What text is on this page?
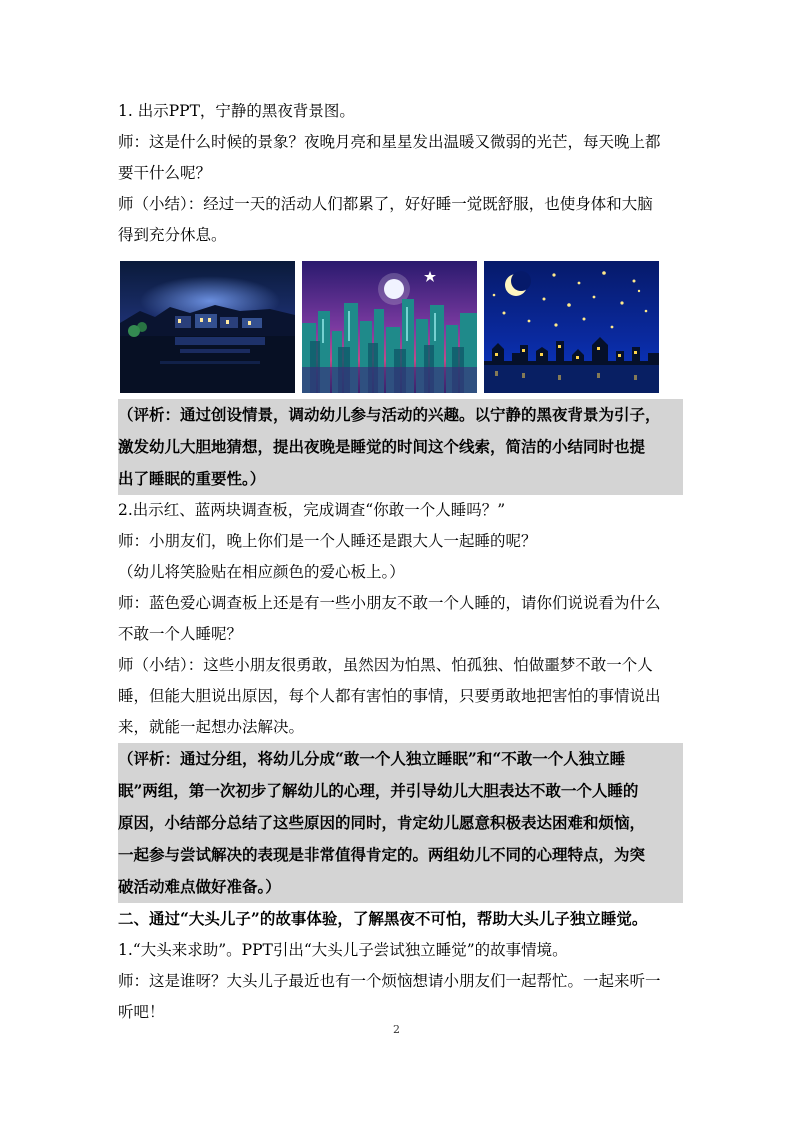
1. 出示PPT，宁静的黑夜背景图。
师：这是什么时候的景象？夜晚月亮和星星发出温暖又微弱的光芒，每天晚上都
要干什么呢？
师（小结）：经过一天的活动人们都累了，好好睡一觉既舒服，也使身体和大脑
得到充分休息。
（评析：通过创设情景，调动幼儿参与活动的兴趣。以宁静的黑夜背景为引子，
激发幼儿大胆地猜想，提出夜晚是睡觉的时间这个线索，简洁的小结同时也提
出了睡眠的重要性。）
2.出示红、蓝两块调查板，完成调查“你敢一个人睡吗？”
师：小朋友们，晚上你们是一个人睡还是跟大人一起睡的呢？
（幼儿将笑脸贴在相应颜色的爱心板上。）
师：蓝色爱心调查板上还是有一些小朋友不敢一个人睡的，请你们说说看为什么
不敢一个人睡呢？
师（小结）：这些小朋友很勇敢，虽然因为怕黑、怕孤独、怕做噩梦不敢一个人
睡，但能大胆说出原因，每个人都有害怕的事情，只要勇敢地把害怕的事情说出
来，就能一起想办法解决。
（评析：通过分组，将幼儿分成“敢一个人独立睡眠”和“不敢一个人独立睡
眠”两组，第一次初步了解幼儿的心理，并引导幼儿大胆表达不敢一个人睡的
原因，小结部分总结了这些原因的同时，肯定幼儿愿意积极表达困难和烦恼，
一起参与尝试解决的表现是非常值得肯定的。两组幼儿不同的心理特点，为突
破活动难点做好准备。）
二、通过“大头儿子”的故事体验，了解黑夜不可怕，帮助大头儿子独立睡觉。
1.“大头来求助”。PPT引出“大头儿子尝试独立睡觉”的故事情境。
师：这是谁呀？大头儿子最近也有一个烦恼想请小朋友们一起帮忙。一起来听一
听吧！
2
